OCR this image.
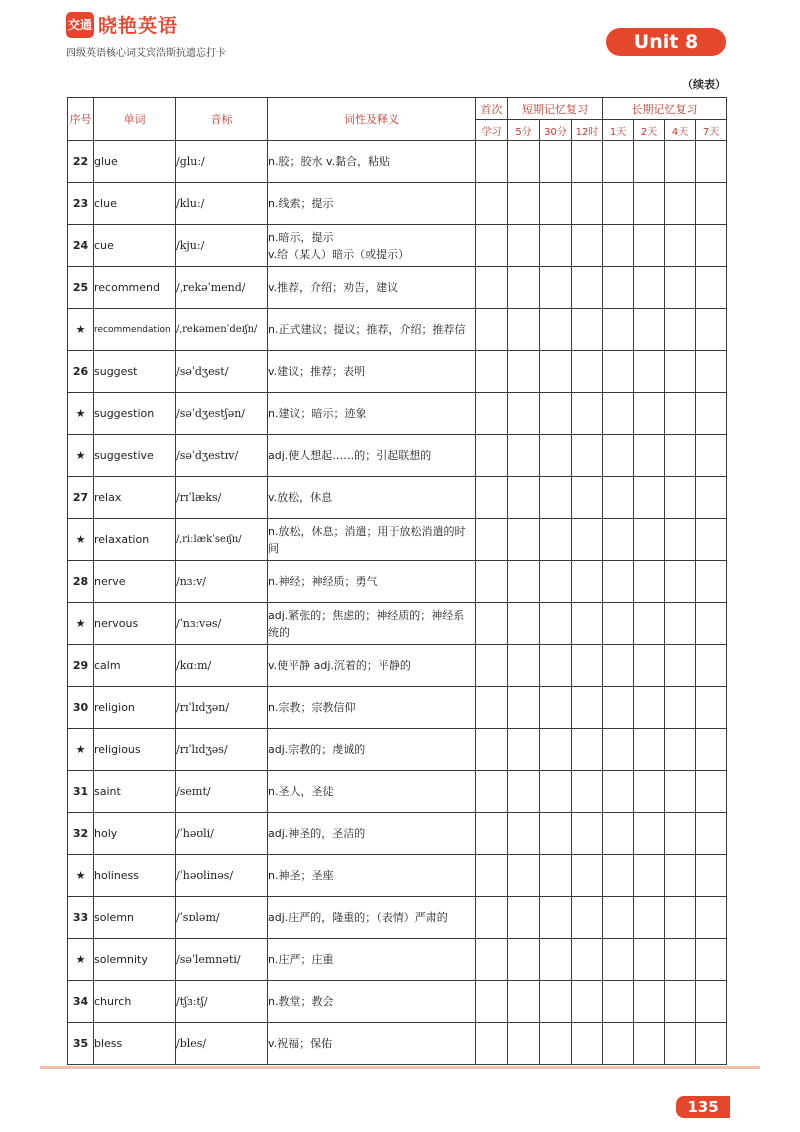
交通 晓艳英语
四级英语核心词艾宾浩斯抗遗忘打卡
Unit 8
（续表）
序号	单词	音标	词性及释义	首次	短期记忆复习			长期记忆复习			
				学习	5分	30分	12时	1天	2天	4天	7天
22	glue	/gluː/	n.胶；胶水 v.黏合，粘贴								
23	clue	/kluː/	n.线索；提示								
24	cue	/kjuː/	n.暗示，提示
v.给（某人）暗示（或提示）								
25	recommend	/ˌrekəˈmend/	v.推荐，介绍；劝告，建议								
★	recommendation	/ˌrekəmenˈdeɪʃn/	n.正式建议；提议；推荐，介绍；推荐信								
26	suggest	/səˈdʒest/	v.建议；推荐；表明								
★	suggestion	/səˈdʒestʃən/	n.建议；暗示；迹象								
★	suggestive	/səˈdʒestɪv/	adj.使人想起……的；引起联想的								
27	relax	/rɪˈlæks/	v.放松，休息								
★	relaxation	/ˌriːlækˈseɪʃn/	n.放松，休息；消遣；用于放松消遣的时间								
28	nerve	/nɜːv/	n.神经；神经质；勇气								
★	nervous	/ˈnɜːvəs/	adj.紧张的；焦虑的；神经质的；神经系统的								
29	calm	/kɑːm/	v.使平静 adj.沉着的；平静的								
30	religion	/rɪˈlɪdʒən/	n.宗教；宗教信仰								
★	religious	/rɪˈlɪdʒəs/	adj.宗教的；虔诚的								
31	saint	/seɪnt/	n.圣人，圣徒								
32	holy	/ˈhəʊli/	adj.神圣的，圣洁的								
★	holiness	/ˈhəʊlinəs/	n.神圣；圣座								
33	solemn	/ˈsɒləm/	adj.庄严的，隆重的；（表情）严肃的								
★	solemnity	/səˈlemnəti/	n.庄严；庄重								
34	church	/tʃɜːtʃ/	n.教堂；教会								
35	bless	/bles/	v.祝福；保佑								
135
